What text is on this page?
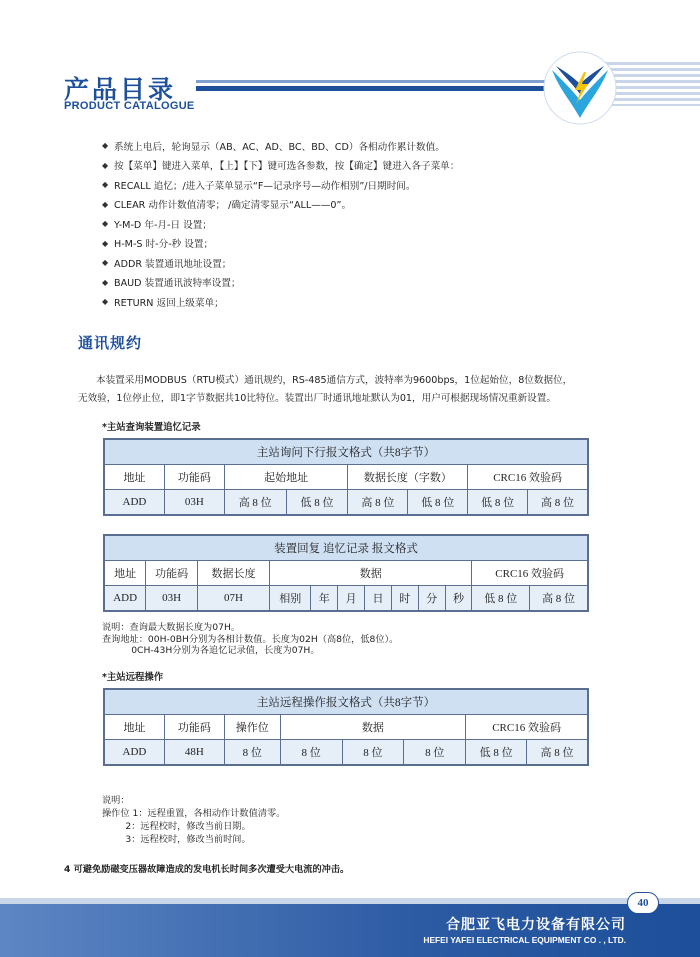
产品目录
PRODUCT CATALOGUE
◆ 系统上电后，轮询显示（AB、AC、AD、BC、BD、CD）各相动作累计数值。
◆ 按【菜单】键进入菜单，【上】【下】键可选各参数，按【确定】键进入各子菜单：
◆ RECALL 追忆；/进入子菜单显示“F—记录序号—动作相别”/日期时间。
◆ CLEAR 动作计数值清零； /确定清零显示“ALL——0”。
◆ Y-M-D 年-月-日 设置；
◆ H-M-S 时-分-秒 设置；
◆ ADDR 装置通讯地址设置；
◆ BAUD 装置通讯波特率设置；
◆ RETURN 返回上级菜单；
通讯规约
本装置采用MODBUS（RTU模式）通讯规约，RS-485通信方式，波特率为9600bps，1位起始位，8位数据位，
无效验，1位停止位，即1字节数据共10比特位。装置出厂时通讯地址默认为01，用户可根据现场情况重新设置。
*主站查询装置追忆记录
主站询问下行报文格式（共8字节）							
地址	功能码	起始地址		数据长度（字数）		CRC16 效验码	
ADD	03H	高 8 位	低 8 位	高 8 位	低 8 位	低 8 位	高 8 位
装置回复 追忆记录 报文格式											
地址	功能码	数据长度	数据							CRC16 效验码	
ADD	03H	07H	相别	年	月	日	时	分	秒	低 8 位	高 8 位
说明：查询最大数据长度为07H。
查询地址：00H-0BH分别为各相计数值。长度为02H（高8位，低8位）。
0CH-43H分别为各追忆记录值，长度为07H。
*主站远程操作
主站远程操作报文格式（共8字节）							
地址	功能码	操作位	数据			CRC16 效验码	
ADD	48H	8 位	8 位	8 位	8 位	低 8 位	高 8 位
说明：
操作位 1：远程重置，各相动作计数值清零。
2：远程校时，修改当前日期。
3：远程校时，修改当前时间。
4 可避免励磁变压器故障造成的发电机长时间多次遭受大电流的冲击。
40
合肥亚飞电力设备有限公司
HEFEI YAFEI ELECTRICAL EQUIPMENT CO . , LTD.
